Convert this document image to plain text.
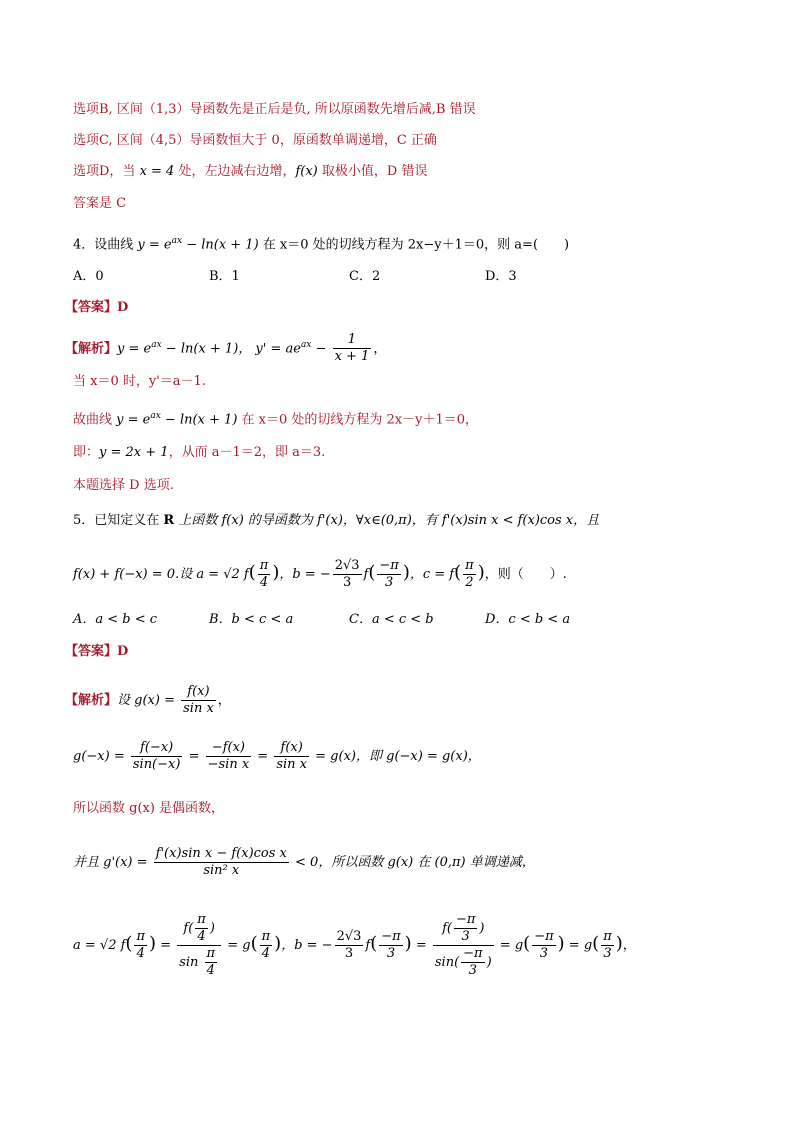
选项B, 区间（1,3）导函数先是正后是负, 所以原函数先增后减,B 错误
选项C, 区间（4,5）导函数恒大于 0，原函数单调递增，C 正确
选项D，当 x = 4 处，左边减右边增，f(x) 取极小值，D 错误
答案是 C
4．设曲线 $y = e^{ax} - \ln(x + 1)$ 在 x＝0 处的切线方程为 2x−y＋1＝0，则 a=(　　)
A．0	B．1	C．2	D．3
【答案】D
【解析】$y = e^{ax} - \ln(x + 1)$， $y' = ae^{ax} - \frac{1}{x + 1}$ ，
当 x＝0 时，y'＝a－1.
故曲线 $y = e^{ax} - \ln(x + 1)$ 在 x＝0 处的切线方程为 2x－y＋1＝0，
即：y = 2x + 1，从而 a－1＝2，即 a＝3.
本题选择 D 选项.
5．已知定义在 R 上函数 f(x) 的导函数为 f'(x)，∀x∈(0,π)，有 f'(x)sin x < f(x)cos x，且
f(x) + f(−x) = 0.设 a = √2 $f( \frac{\pi}{4}$ )，b = − $\frac{2√3}{3} f( \frac{-\pi}{3}$ )，$c = f( \frac{\pi}{2}$ )，则（　　）.
A．a < b < c	B．b < c < a	C．a < c < b	D．c < b < a
【答案】D
【解析】设 $g(x) = \frac{f(x)}{\text{sin x}}$ ，
$g(-x) = \frac{f(-x)}{\sin(-x)} = \frac{-f(x)}{\text{−sin x}} = \frac{f(x)}{\text{sin x}} = g(x)$，即 g(−x) = g(x)，
所以函数 g(x) 是偶函数，
并且 $g'(x) = \frac{\text{f'(x)sin x − f(x)cos x}}{\text{sin² x}} < 0$，所以函数 g(x) 在 (0,π) 单调递减，
a = √2 $f( \frac{\pi}{4}$ ) = $\frac{f( \frac{\pi}{4} )}{\sin \frac{\pi}{4}} = g( \frac{\pi}{4}$ )，b = − $\frac{2√3}{3} f( \frac{-\pi}{3}$ ) = $\frac{f( \frac{-\pi}{3} )}{\sin( \frac{-\pi}{3} )} = g( \frac{-\pi}{3}$ ) = $g( \frac{\pi}{3}$ )，
